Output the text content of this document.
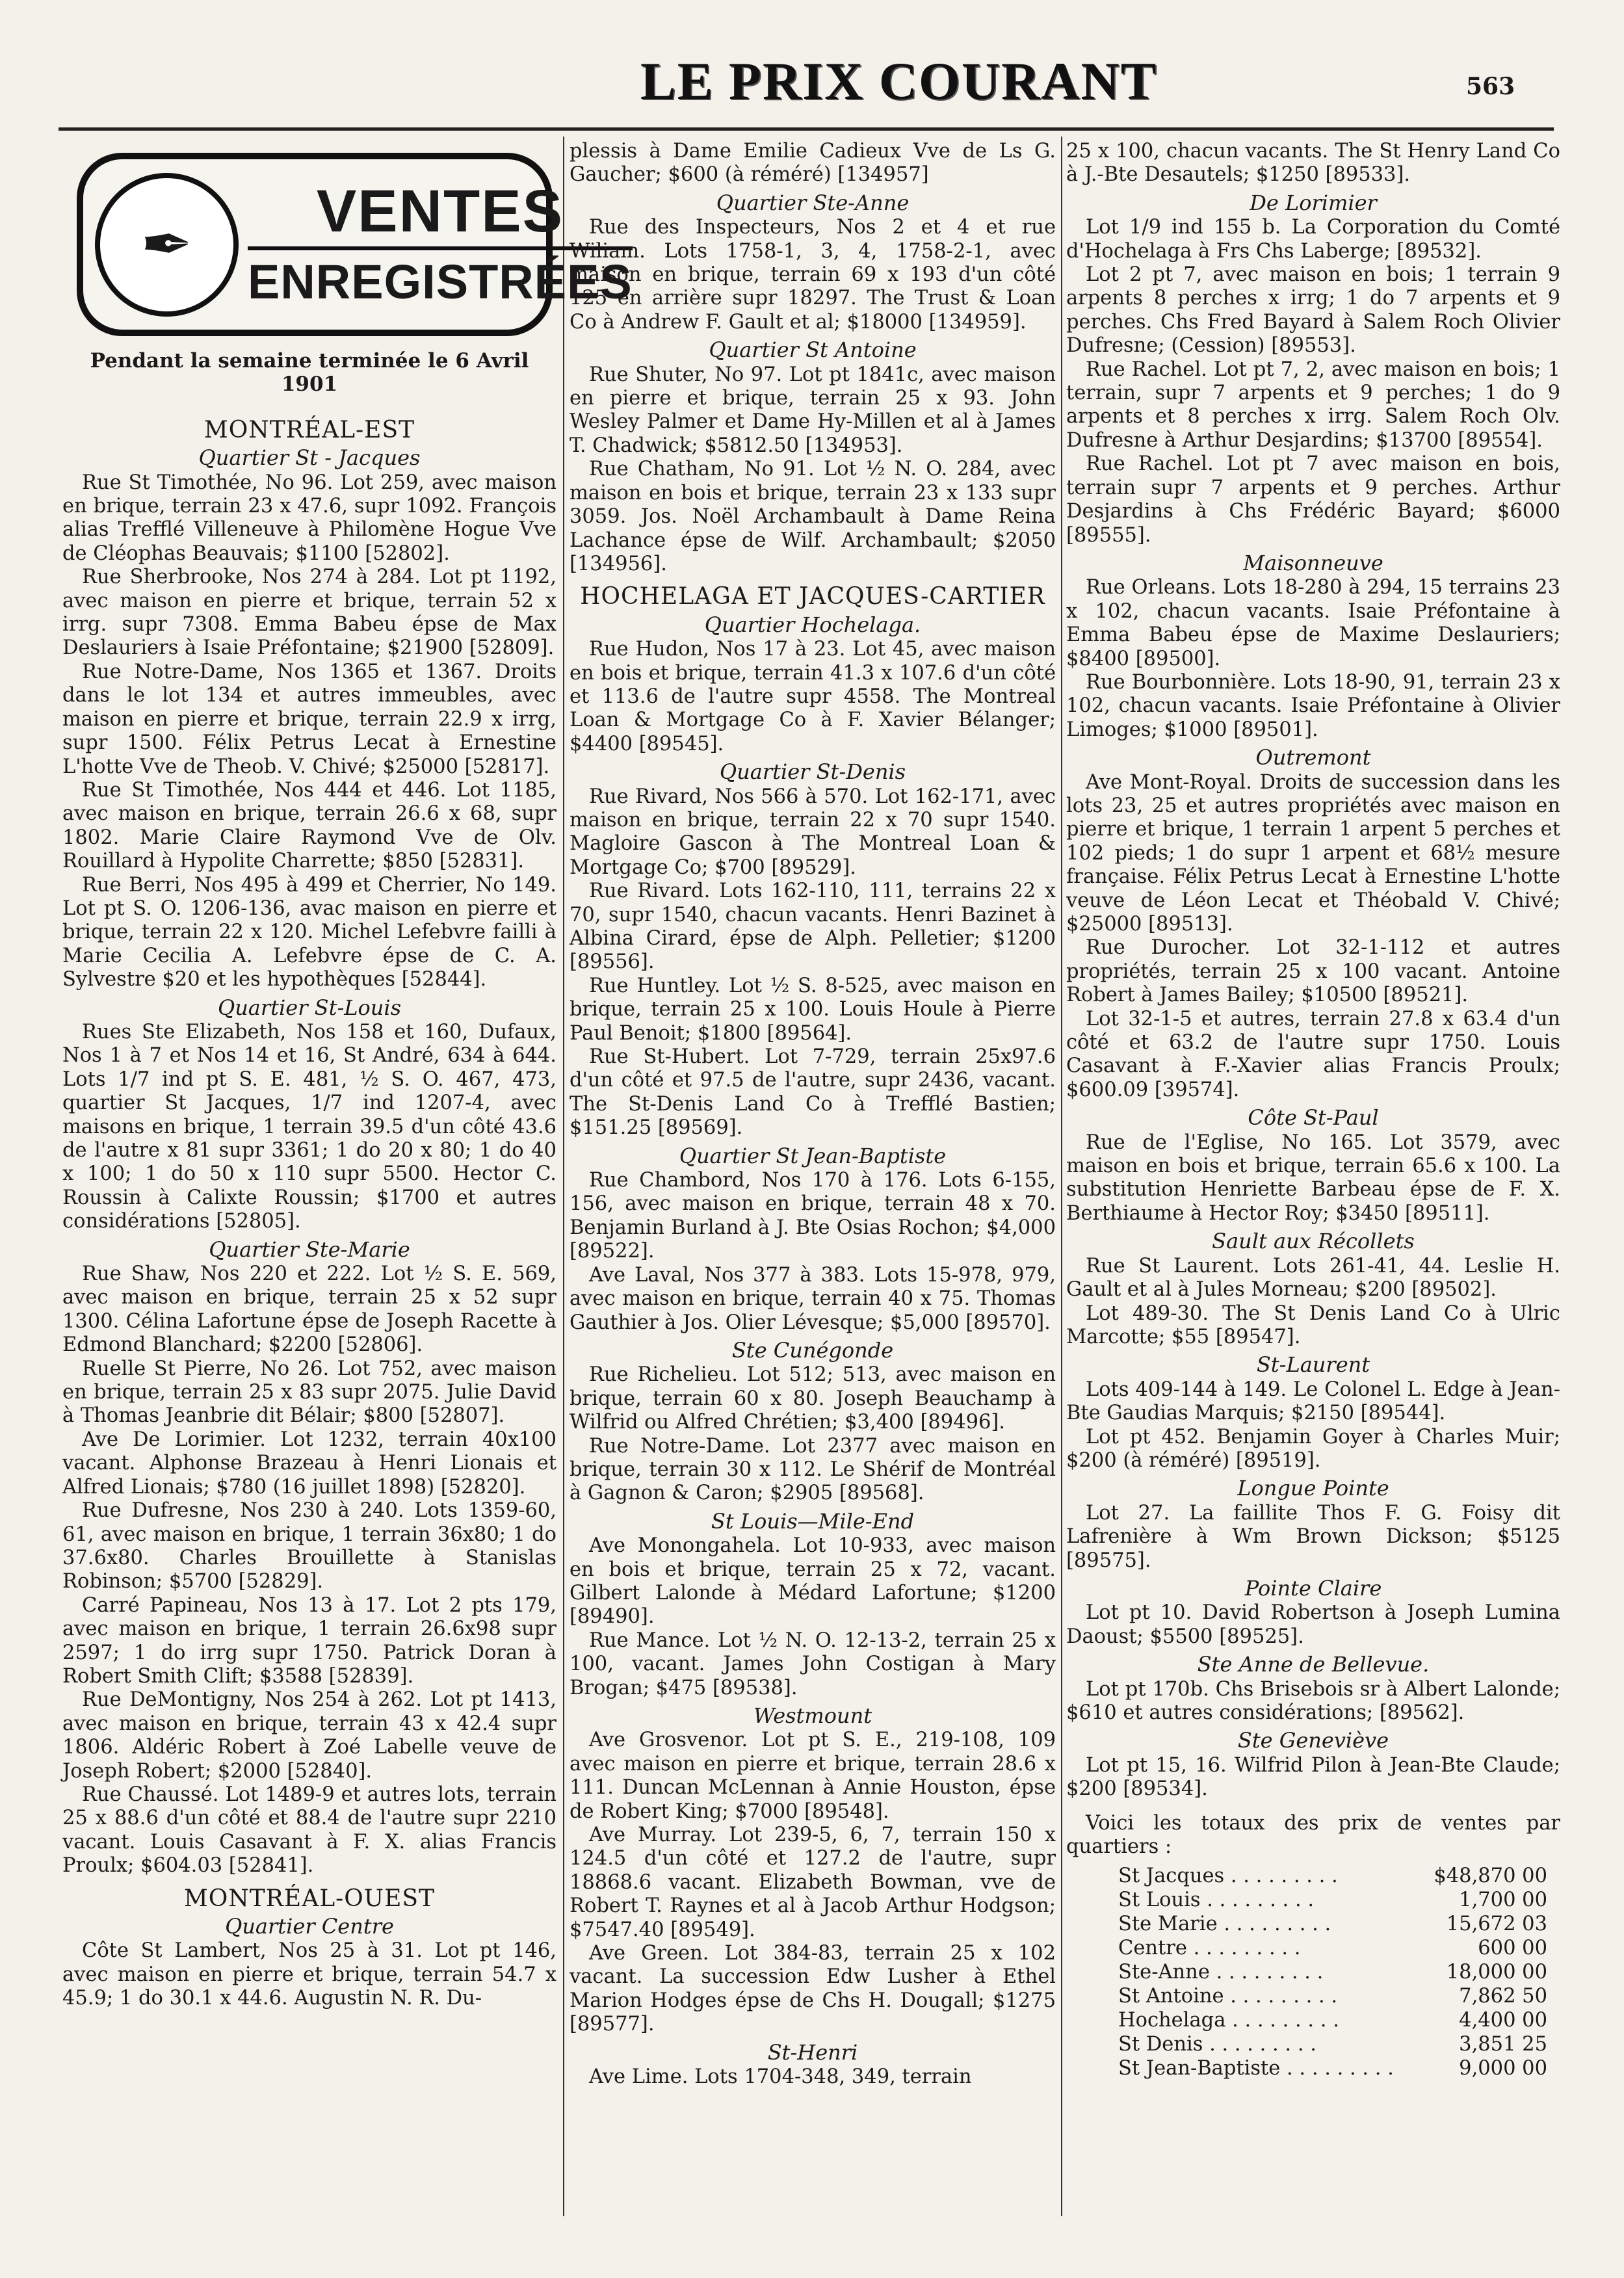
LE PRIX COURANT	563
✒	VENTES
ENREGISTRÉES
Pendant la semaine terminée le 6 Avril 1901
MONTRÉAL-EST
Quartier St - Jacques

Rue St Timothée, No 96. Lot 259, avec maison en brique, terrain 23 x 47.6, supr 1092. François alias Trefflé Villeneuve à Philomène Hogue Vve de Cléophas Beauvais; $1100 [52802].

Rue Sherbrooke, Nos 274 à 284. Lot pt 1192, avec maison en pierre et brique, terrain 52 x irrg. supr 7308. Emma Babeu épse de Max Deslauriers à Isaie Préfontaine; $21900 [52809].

Rue Notre-Dame, Nos 1365 et 1367. Droits dans le lot 134 et autres immeubles, avec maison en pierre et brique, terrain 22.9 x irrg, supr 1500. Félix Petrus Lecat à Ernestine L'hotte Vve de Theob. V. Chivé; $25000 [52817].

Rue St Timothée, Nos 444 et 446. Lot 1185, avec maison en brique, terrain 26.6 x 68, supr 1802. Marie Claire Raymond Vve de Olv. Rouillard à Hypolite Charrette; $850 [52831].

Rue Berri, Nos 495 à 499 et Cherrier, No 149. Lot pt S. O. 1206-136, avac maison en pierre et brique, terrain 22 x 120. Michel Lefebvre failli à Marie Cecilia A. Lefebvre épse de C. A. Sylvestre $20 et les hypothèques [52844].

Quartier St-Louis

Rues Ste Elizabeth, Nos 158 et 160, Dufaux, Nos 1 à 7 et Nos 14 et 16, St André, 634 à 644. Lots 1/7 ind pt S. E. 481, ½ S. O. 467, 473, quartier St Jacques, 1/7 ind 1207-4, avec maisons en brique, 1 terrain 39.5 d'un côté 43.6 de l'autre x 81 supr 3361; 1 do 20 x 80; 1 do 40 x 100; 1 do 50 x 110 supr 5500. Hector C. Roussin à Calixte Roussin; $1700 et autres considérations [52805].

Quartier Ste-Marie

Rue Shaw, Nos 220 et 222. Lot ½ S. E. 569, avec maison en brique, terrain 25 x 52 supr 1300. Célina Lafortune épse de Joseph Racette à Edmond Blanchard; $2200 [52806].

Ruelle St Pierre, No 26. Lot 752, avec maison en brique, terrain 25 x 83 supr 2075. Julie David à Thomas Jeanbrie dit Bélair; $800 [52807].

Ave De Lorimier. Lot 1232, terrain 40x100 vacant. Alphonse Brazeau à Henri Lionais et Alfred Lionais; $780 (16 juillet 1898) [52820].

Rue Dufresne, Nos 230 à 240. Lots 1359-60, 61, avec maison en brique, 1 terrain 36x80; 1 do 37.6x80. Charles Brouillette à Stanislas Robinson; $5700 [52829].

Carré Papineau, Nos 13 à 17. Lot 2 pts 179, avec maison en brique, 1 terrain 26.6x98 supr 2597; 1 do irrg supr 1750. Patrick Doran à Robert Smith Clift; $3588 [52839].

Rue DeMontigny, Nos 254 à 262. Lot pt 1413, avec maison en brique, terrain 43 x 42.4 supr 1806. Aldéric Robert à Zoé Labelle veuve de Joseph Robert; $2000 [52840].

Rue Chaussé. Lot 1489-9 et autres lots, terrain 25 x 88.6 d'un côté et 88.4 de l'autre supr 2210 vacant. Louis Casavant à F. X. alias Francis Proulx; $604.03 [52841].

MONTRÉAL-OUEST
Quartier Centre

Côte St Lambert, Nos 25 à 31. Lot pt 146, avec maison en pierre et brique, terrain 54.7 x 45.9; 1 do 30.1 x 44.6. Augustin N. R. Du-

plessis à Dame Emilie Cadieux Vve de Ls G. Gaucher; $600 (à réméré) [134957]

Quartier Ste-Anne

Rue des Inspecteurs, Nos 2 et 4 et rue Wiliam. Lots 1758-1, 3, 4, 1758-2-1, avec maison en brique, terrain 69 x 193 d'un côté 125 en arrière supr 18297. The Trust & Loan Co à Andrew F. Gault et al; $18000 [134959].

Quartier St Antoine

Rue Shuter, No 97. Lot pt 1841c, avec maison en pierre et brique, terrain 25 x 93. John Wesley Palmer et Dame Hy-Millen et al à James T. Chadwick; $5812.50 [134953].

Rue Chatham, No 91. Lot ½ N. O. 284, avec maison en bois et brique, terrain 23 x 133 supr 3059. Jos. Noël Archambault à Dame Reina Lachance épse de Wilf. Archambault; $2050 [134956].

HOCHELAGA ET JACQUES-CARTIER
Quartier Hochelaga.

Rue Hudon, Nos 17 à 23. Lot 45, avec maison en bois et brique, terrain 41.3 x 107.6 d'un côté et 113.6 de l'autre supr 4558. The Montreal Loan & Mortgage Co à F. Xavier Bélanger; $4400 [89545].

Quartier St-Denis

Rue Rivard, Nos 566 à 570. Lot 162-171, avec maison en brique, terrain 22 x 70 supr 1540. Magloire Gascon à The Montreal Loan & Mortgage Co; $700 [89529].

Rue Rivard. Lots 162-110, 111, terrains 22 x 70, supr 1540, chacun vacants. Henri Bazinet à Albina Cirard, épse de Alph. Pelletier; $1200 [89556].

Rue Huntley. Lot ½ S. 8-525, avec maison en brique, terrain 25 x 100. Louis Houle à Pierre Paul Benoit; $1800 [89564].

Rue St-Hubert. Lot 7-729, terrain 25x97.6 d'un côté et 97.5 de l'autre, supr 2436, vacant. The St-Denis Land Co à Trefflé Bastien; $151.25 [89569].

Quartier St Jean-Baptiste

Rue Chambord, Nos 170 à 176. Lots 6-155, 156, avec maison en brique, terrain 48 x 70. Benjamin Burland à J. Bte Osias Rochon; $4,000 [89522].

Ave Laval, Nos 377 à 383. Lots 15-978, 979, avec maison en brique, terrain 40 x 75. Thomas Gauthier à Jos. Olier Lévesque; $5,000 [89570].

Ste Cunégonde

Rue Richelieu. Lot 512; 513, avec maison en brique, terrain 60 x 80. Joseph Beauchamp à Wilfrid ou Alfred Chrétien; $3,400 [89496].

Rue Notre-Dame. Lot 2377 avec maison en brique, terrain 30 x 112. Le Shérif de Montréal à Gagnon & Caron; $2905 [89568].

St Louis—Mile-End

Ave Monongahela. Lot 10-933, avec maison en bois et brique, terrain 25 x 72, vacant. Gilbert Lalonde à Médard Lafortune; $1200 [89490].

Rue Mance. Lot ½ N. O. 12-13-2, terrain 25 x 100, vacant. James John Costigan à Mary Brogan; $475 [89538].

Westmount

Ave Grosvenor. Lot pt S. E., 219-108, 109 avec maison en pierre et brique, terrain 28.6 x 111. Duncan McLennan à Annie Houston, épse de Robert King; $7000 [89548].

Ave Murray. Lot 239-5, 6, 7, terrain 150 x 124.5 d'un côté et 127.2 de l'autre, supr 18868.6 vacant. Elizabeth Bowman, vve de Robert T. Raynes et al à Jacob Arthur Hodgson; $7547.40 [89549].

Ave Green. Lot 384-83, terrain 25 x 102 vacant. La succession Edw Lusher à Ethel Marion Hodges épse de Chs H. Dougall; $1275 [89577].

St-Henri

Ave Lime. Lots 1704-348, 349, terrain

25 x 100, chacun vacants. The St Henry Land Co à J.-Bte Desautels; $1250 [89533].

De Lorimier

Lot 1/9 ind 155 b. La Corporation du Comté d'Hochelaga à Frs Chs Laberge; [89532].

Lot 2 pt 7, avec maison en bois; 1 terrain 9 arpents 8 perches x irrg; 1 do 7 arpents et 9 perches. Chs Fred Bayard à Salem Roch Olivier Dufresne; (Cession) [89553].

Rue Rachel. Lot pt 7, 2, avec maison en bois; 1 terrain, supr 7 arpents et 9 perches; 1 do 9 arpents et 8 perches x irrg. Salem Roch Olv. Dufresne à Arthur Desjardins; $13700 [89554].

Rue Rachel. Lot pt 7 avec maison en bois, terrain supr 7 arpents et 9 perches. Arthur Desjardins à Chs Frédéric Bayard; $6000 [89555].

Maisonneuve

Rue Orleans. Lots 18-280 à 294, 15 terrains 23 x 102, chacun vacants. Isaie Préfontaine à Emma Babeu épse de Maxime Deslauriers; $8400 [89500].

Rue Bourbonnière. Lots 18-90, 91, terrain 23 x 102, chacun vacants. Isaie Préfontaine à Olivier Limoges; $1000 [89501].

Outremont

Ave Mont-Royal. Droits de succession dans les lots 23, 25 et autres propriétés avec maison en pierre et brique, 1 terrain 1 arpent 5 perches et 102 pieds; 1 do supr 1 arpent et 68½ mesure française. Félix Petrus Lecat à Ernestine L'hotte veuve de Léon Lecat et Théobald V. Chivé; $25000 [89513].

Rue Durocher. Lot 32-1-112 et autres propriétés, terrain 25 x 100 vacant. Antoine Robert à James Bailey; $10500 [89521].

Lot 32-1-5 et autres, terrain 27.8 x 63.4 d'un côté et 63.2 de l'autre supr 1750. Louis Casavant à F.-Xavier alias Francis Proulx; $600.09 [39574].

Côte St-Paul

Rue de l'Eglise, No 165. Lot 3579, avec maison en bois et brique, terrain 65.6 x 100. La substitution Henriette Barbeau épse de F. X. Berthiaume à Hector Roy; $3450 [89511].

Sault aux Récollets

Rue St Laurent. Lots 261-41, 44. Leslie H. Gault et al à Jules Morneau; $200 [89502].

Lot 489-30. The St Denis Land Co à Ulric Marcotte; $55 [89547].

St-Laurent

Lots 409-144 à 149. Le Colonel L. Edge à Jean-Bte Gaudias Marquis; $2150 [89544].

Lot pt 452. Benjamin Goyer à Charles Muir; $200 (à réméré) [89519].

Longue Pointe

Lot 27. La faillite Thos F. G. Foisy dit Lafrenière à Wm Brown Dickson; $5125 [89575].

Pointe Claire

Lot pt 10. David Robertson à Joseph Lumina Daoust; $5500 [89525].

Ste Anne de Bellevue.

Lot pt 170b. Chs Brisebois sr à Albert Lalonde; $610 et autres considérations; [89562].

Ste Geneviève

Lot pt 15, 16. Wilfrid Pilon à Jean-Bte Claude; $200 [89534].

Voici les totaux des prix de ventes par quartiers :
St Jacques . . . . . . . . .	$48,870 00
St Louis . . . . . . . . .	1,700 00
Ste Marie . . . . . . . . .	15,672 03
Centre . . . . . . . . .	600 00
Ste-Anne . . . . . . . . .	18,000 00
St Antoine . . . . . . . . .	7,862 50
Hochelaga . . . . . . . . .	4,400 00
St Denis . . . . . . . . .	3,851 25
St Jean-Baptiste . . . . . . . . .	9,000 00
